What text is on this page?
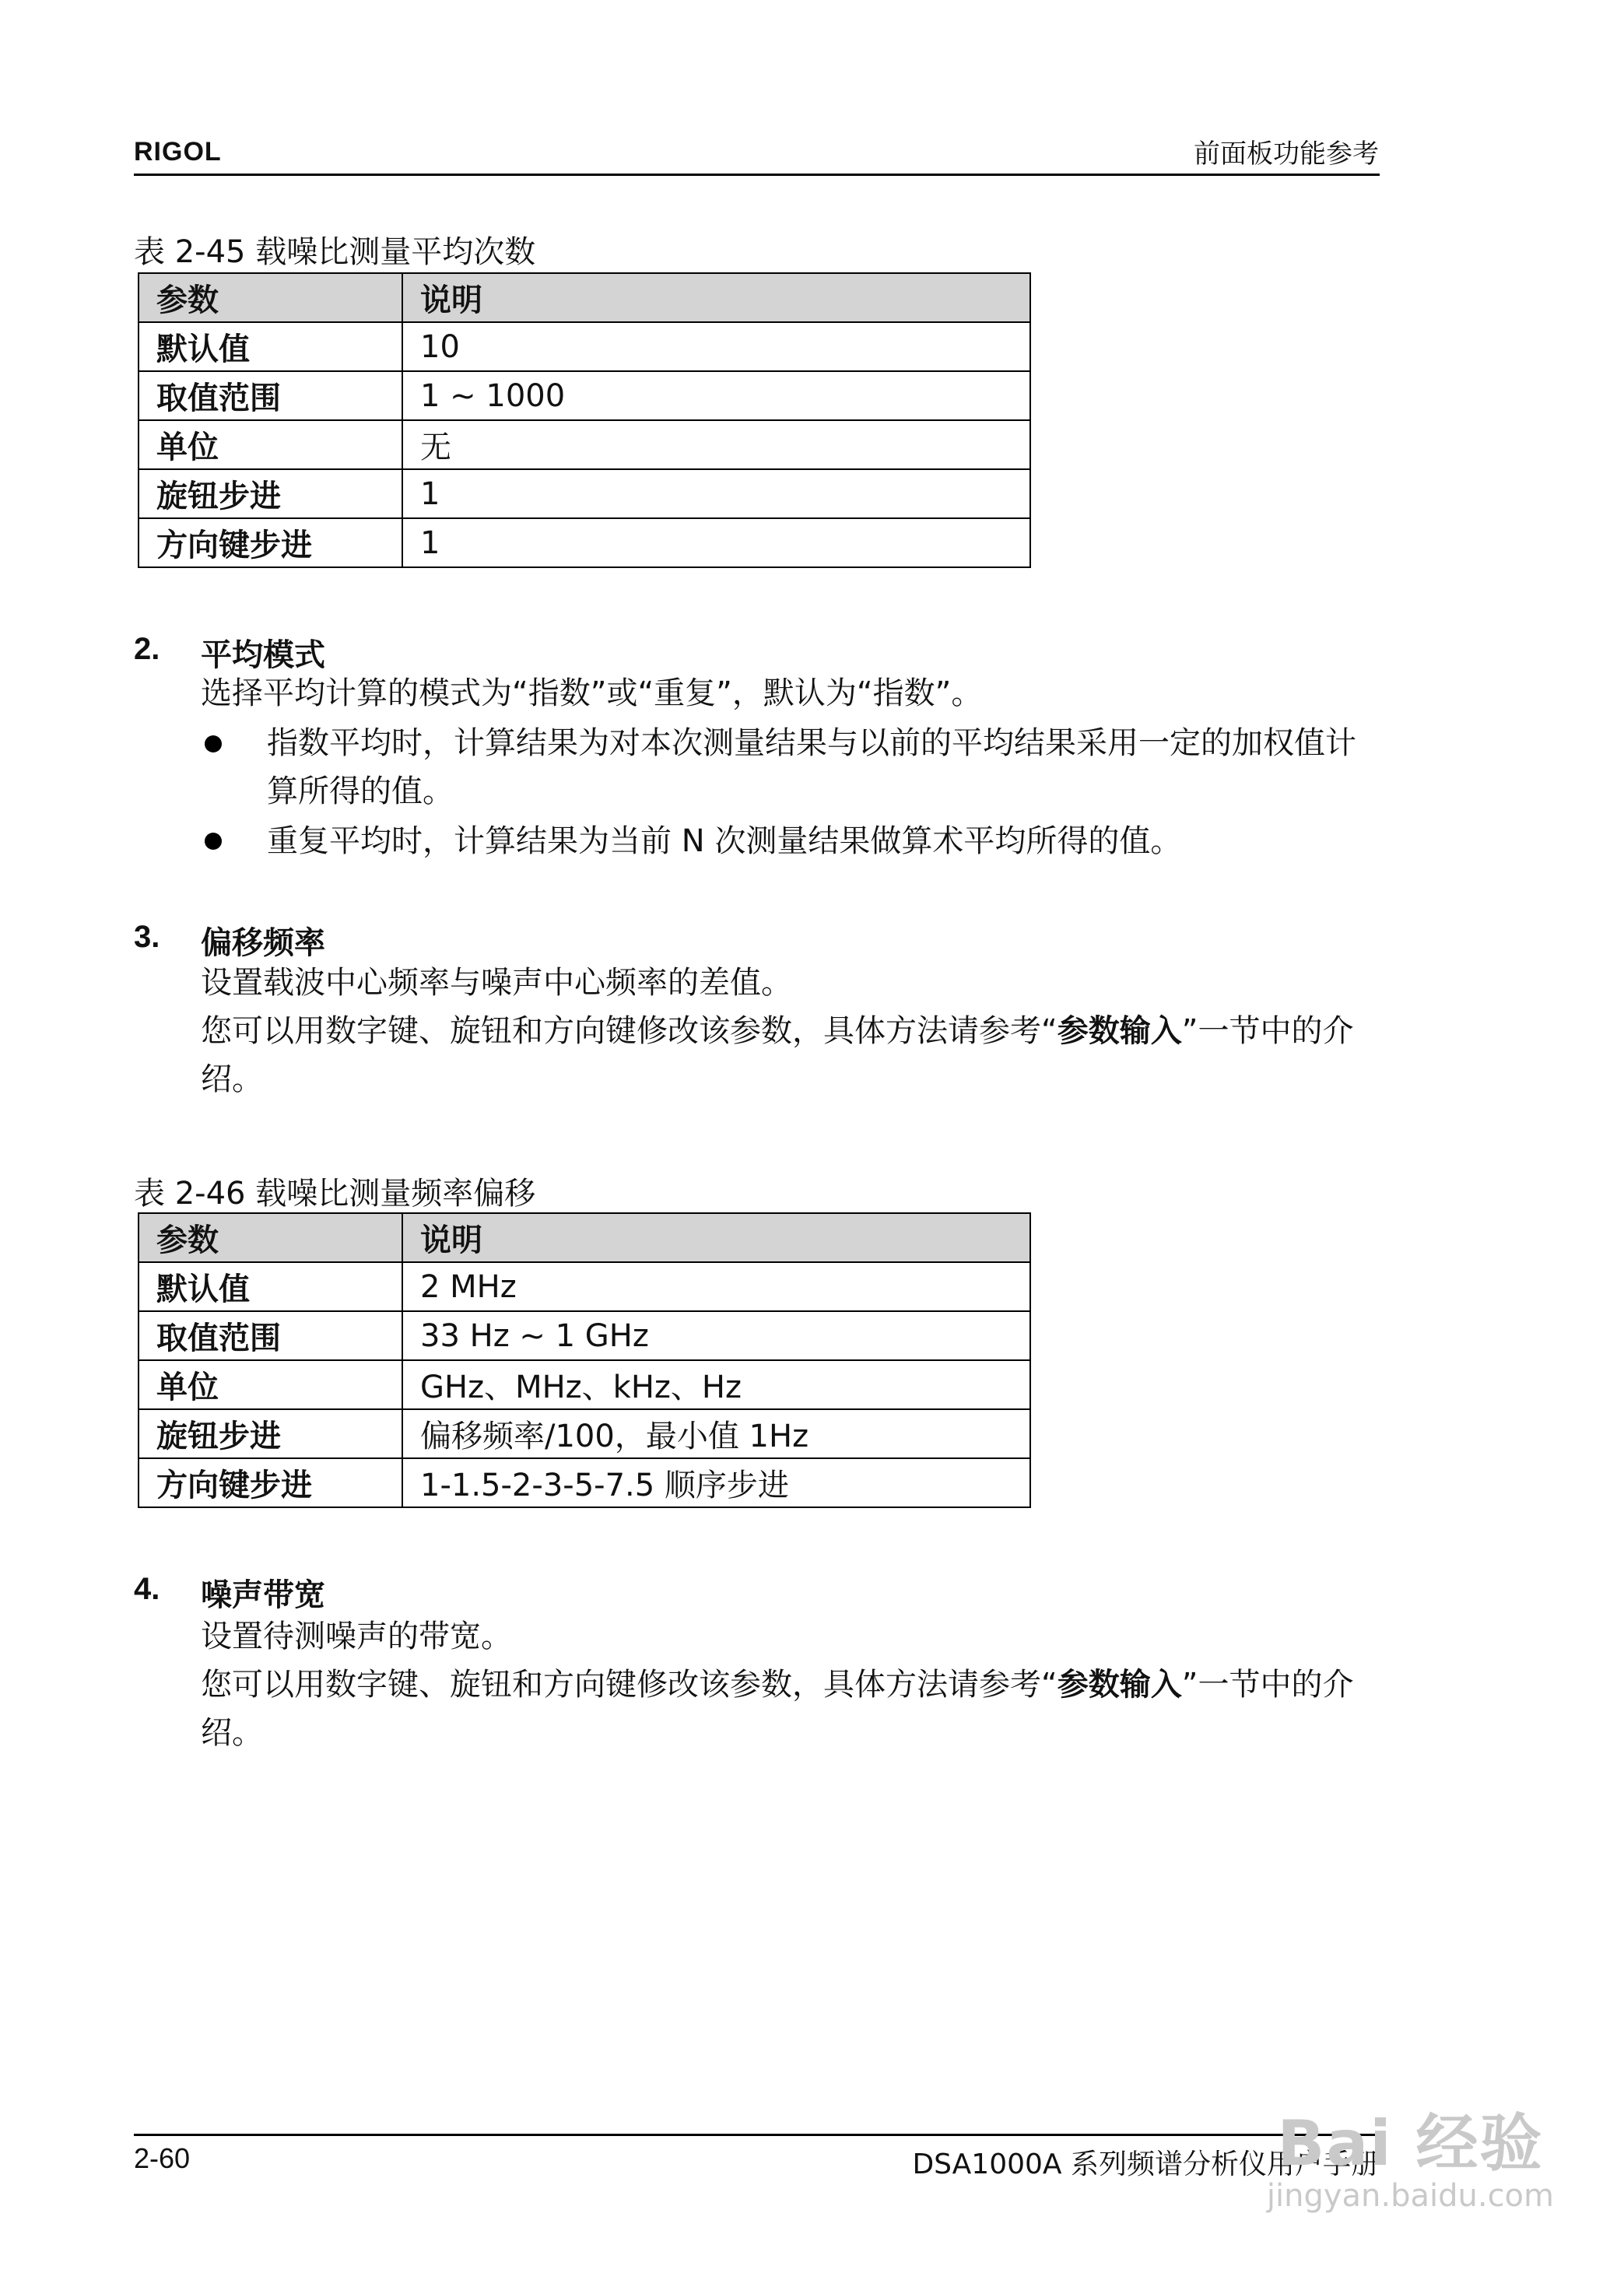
RIGOL	前面板功能参考
表 2-45 载噪比测量平均次数
参数	说明
默认值	10
取值范围	1 ~ 1000
单位	无
旋钮步进	1
方向键步进	1
2. 平均模式
选择平均计算的模式为“指数”或“重复”，默认为“指数”。
指数平均时，计算结果为对本次测量结果与以前的平均结果采用一定的加权值计算所得的值。
重复平均时，计算结果为当前 N 次测量结果做算术平均所得的值。
3. 偏移频率
设置载波中心频率与噪声中心频率的差值。
您可以用数字键、旋钮和方向键修改该参数，具体方法请参考“参数输入”一节中的介绍。
表 2-46 载噪比测量频率偏移
参数	说明
默认值	2 MHz
取值范围	33 Hz ~ 1 GHz
单位	GHz、MHz、kHz、Hz
旋钮步进	偏移频率/100，最小值 1Hz
方向键步进	1-1.5-2-3-5-7.5 顺序步进
4. 噪声带宽
设置待测噪声的带宽。
您可以用数字键、旋钮和方向键修改该参数，具体方法请参考“参数输入”一节中的介绍。
2-60	DSA1000A 系列频谱分析仪用户手册
Bai 经验
jingyan.baidu.com
